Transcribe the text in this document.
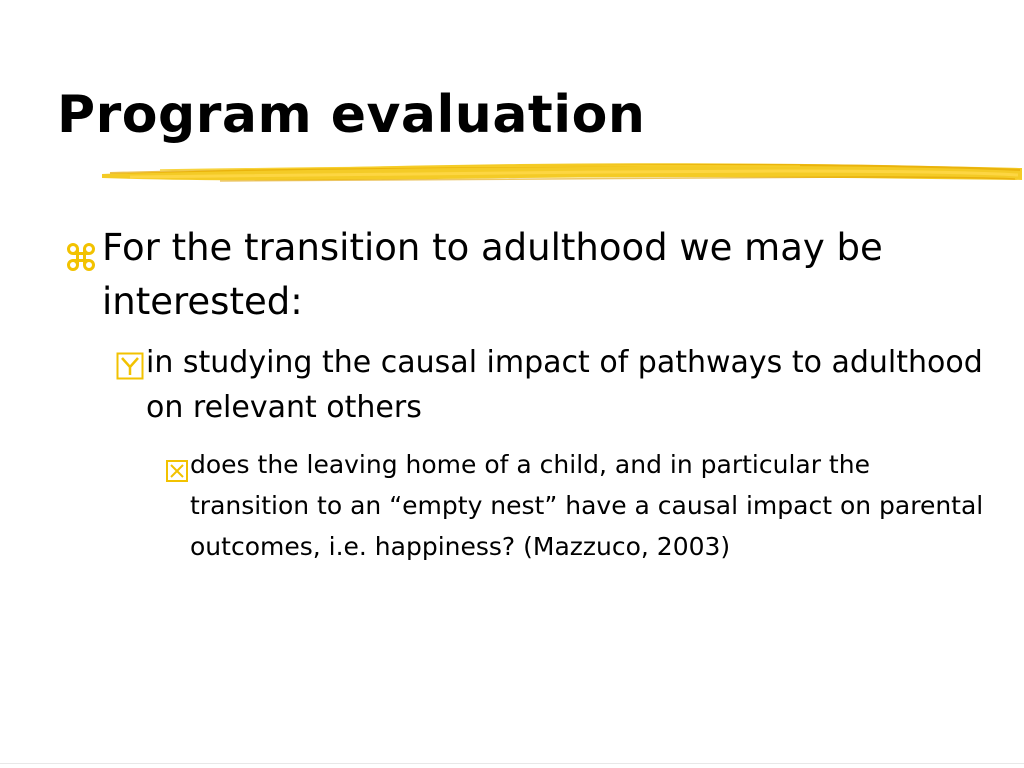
Program evaluation

For the transition to adulthood we may be interested:

in studying the causal impact of pathways to adulthood on relevant others

does the leaving home of a child, and in particular the transition to an “empty nest” have a causal impact on parental outcomes, i.e. happiness? (Mazzuco, 2003)
